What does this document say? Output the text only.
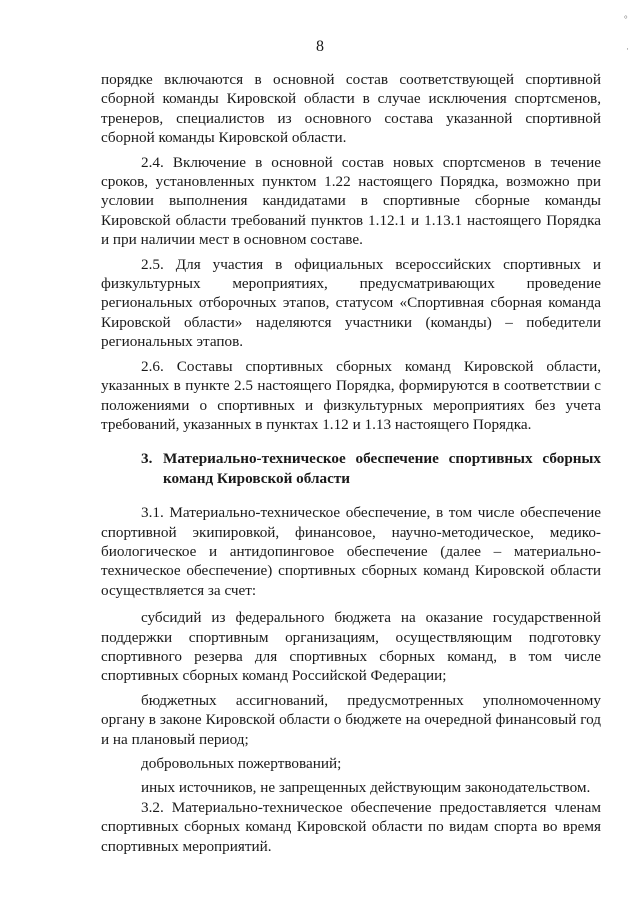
°
·
8

порядке включаются в основной состав соответствующей спортивной сборной команды Кировской области в случае исключения спортсменов, тренеров, специалистов из основного состава указанной спортивной сборной команды Кировской области.

2.4. Включение в основной состав новых спортсменов в течение сроков, установленных пунктом 1.22 настоящего Порядка, возможно при условии выполнения кандидатами в спортивные сборные команды Кировской области требований пунктов 1.12.1 и 1.13.1 настоящего Порядка и при наличии мест в основном составе.

2.5. Для участия в официальных всероссийских спортивных и физкультурных мероприятиях, предусматривающих проведение региональных отборочных этапов, статусом «Спортивная сборная команда Кировской области» наделяются участники (команды) – победители региональных этапов.

2.6. Составы спортивных сборных команд Кировской области, указанных в пункте 2.5 настоящего Порядка, формируются в соответствии с положениями о спортивных и физкультурных мероприятиях без учета требований, указанных в пунктах 1.12 и 1.13 настоящего Порядка.

3. Материально-техническое обеспечение спортивных сборных команд Кировской области

3.1. Материально-техническое обеспечение, в том числе обеспечение спортивной экипировкой, финансовое, научно-методическое, медико-биологическое и антидопинговое обеспечение (далее – материально-техническое обеспечение) спортивных сборных команд Кировской области осуществляется за счет:

субсидий из федерального бюджета на оказание государственной поддержки спортивным организациям, осуществляющим подготовку спортивного резерва для спортивных сборных команд, в том числе спортивных сборных команд Российской Федерации;

бюджетных ассигнований, предусмотренных уполномоченному органу в законе Кировской области о бюджете на очередной финансовый год и на плановый период;

добровольных пожертвований;

иных источников, не запрещенных действующим законодательством.

3.2. Материально-техническое обеспечение предоставляется членам спортивных сборных команд Кировской области по видам спорта во время спортивных мероприятий.
